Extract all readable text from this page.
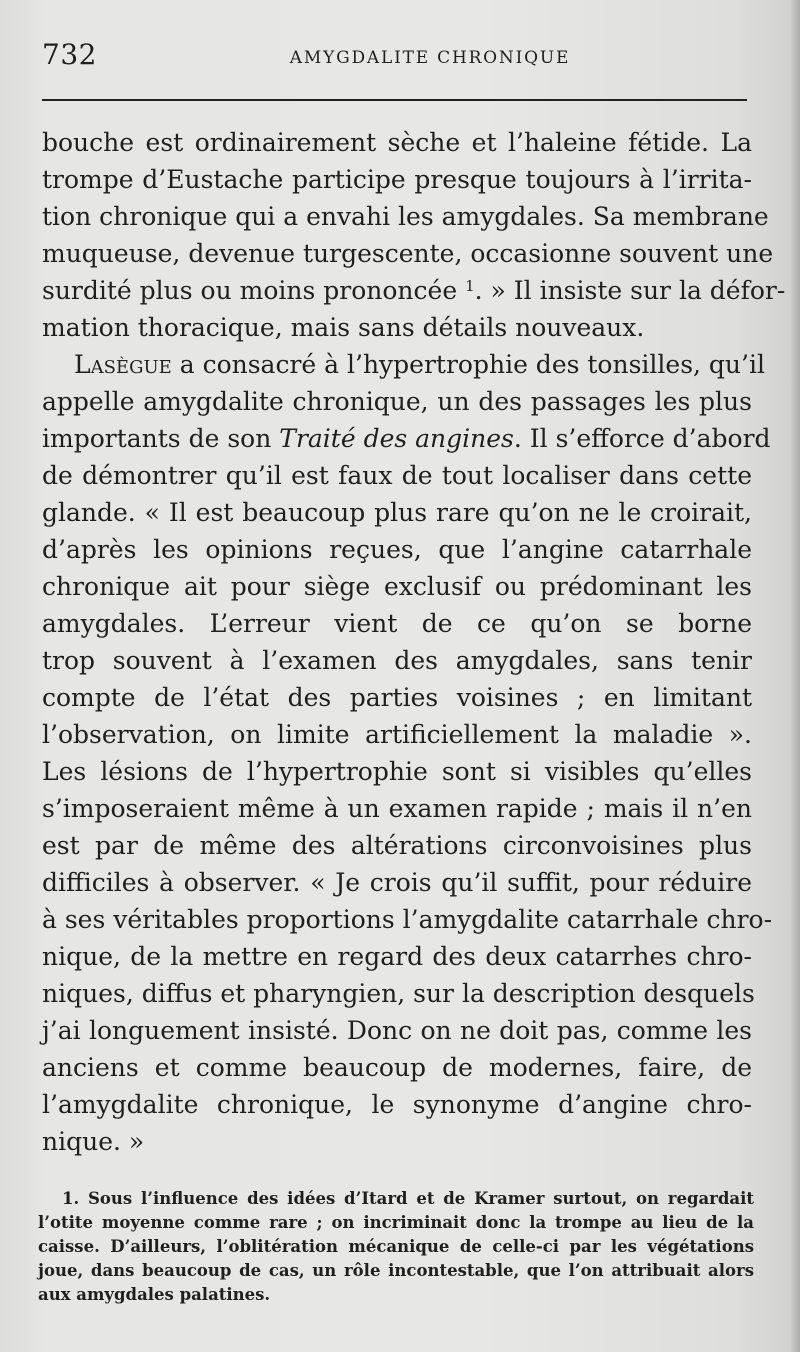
732	AMYGDALITE CHRONIQUE
bouche est ordinairement sèche et l’haleine fétide. La
trompe d’Eustache participe presque toujours à l’irrita-
tion chronique qui a envahi les amygdales. Sa membrane
muqueuse, devenue turgescente, occasionne souvent une
surdité plus ou moins prononcée $^1$. » Il insiste sur la défor-
mation thoracique, mais sans détails nouveaux.
Lasègue a consacré à l’hypertrophie des tonsilles, qu’il
appelle amygdalite chronique, un des passages les plus
importants de son Traité des angines. Il s’efforce d’abord
de démontrer qu’il est faux de tout localiser dans cette
glande. « Il est beaucoup plus rare qu’on ne le croirait,
d’après les opinions reçues, que l’angine catarrhale
chronique ait pour siège exclusif ou prédominant les
amygdales. L’erreur vient de ce qu’on se borne
trop souvent à l’examen des amygdales, sans tenir
compte de l’état des parties voisines ; en limitant
l’observation, on limite artificiellement la maladie ».
Les lésions de l’hypertrophie sont si visibles qu’elles
s’imposeraient même à un examen rapide ; mais il n’en
est par de même des altérations circonvoisines plus
difficiles à observer. « Je crois qu’il suffit, pour réduire
à ses véritables proportions l’amygdalite catarrhale chro-
nique, de la mettre en regard des deux catarrhes chro-
niques, diffus et pharyngien, sur la description desquels
j’ai longuement insisté. Donc on ne doit pas, comme les
anciens et comme beaucoup de modernes, faire, de
l’amygdalite chronique, le synonyme d’angine chro-
nique. »
1. Sous l’influence des idées d’Itard et de Kramer surtout, on regardait
l’otite moyenne comme rare ; on incriminait donc la trompe au lieu de la
caisse. D’ailleurs, l’oblitération mécanique de celle-ci par les végétations
joue, dans beaucoup de cas, un rôle incontestable, que l’on attribuait alors
aux amygdales palatines.
